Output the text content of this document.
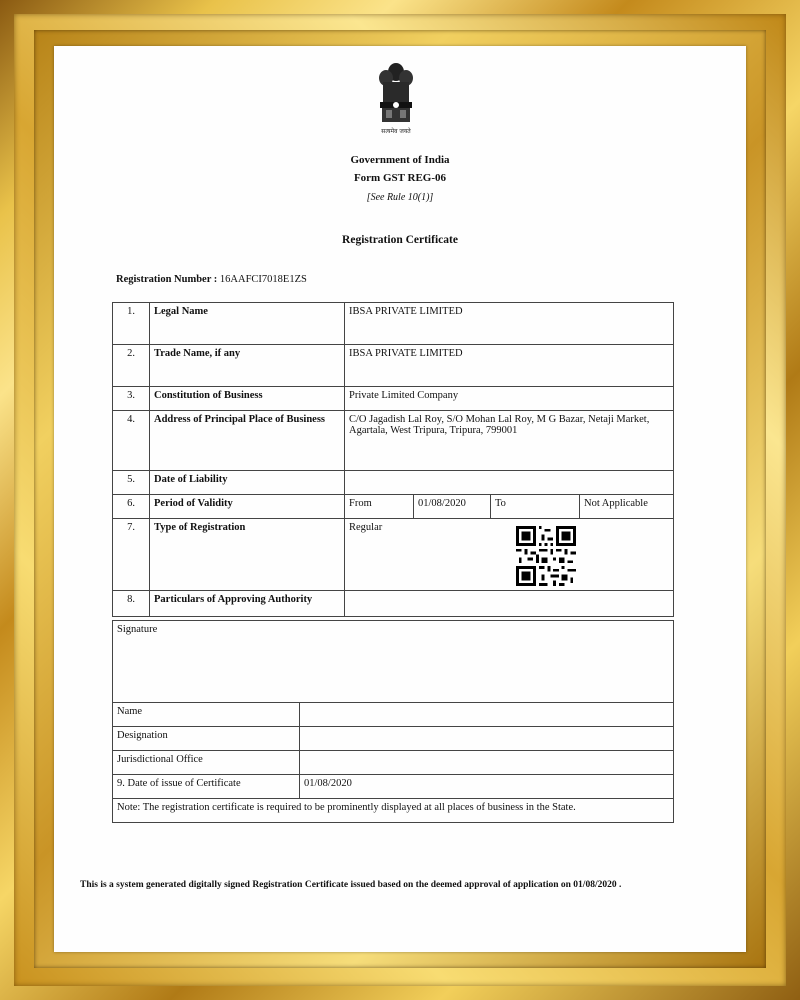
सत्यमेव जयते
Government of India
Form GST REG-06
[See Rule 10(1)]
Registration Certificate
Registration Number : 16AAFCI7018E1ZS
1.	Legal Name	IBSA PRIVATE LIMITED			
2.	Trade Name, if any	IBSA PRIVATE LIMITED			
3.	Constitution of Business	Private Limited Company			
4.	Address of Principal Place of Business	C/O Jagadish Lal Roy, S/O Mohan Lal Roy, M G Bazar, Netaji Market, Agartala, West Tripura, Tripura, 799001			
5.	Date of Liability				
6.	Period of Validity	From	01/08/2020	To	Not Applicable
7.	Type of Registration	Regular			
8.	Particulars of Approving Authority				
Signature	
Name	
Designation	
Jurisdictional Office	
9. Date of issue of Certificate	01/08/2020
Note: The registration certificate is required to be prominently displayed at all places of business in the State.	
This is a system generated digitally signed Registration Certificate issued based on the deemed approval of application on 01/08/2020 .
